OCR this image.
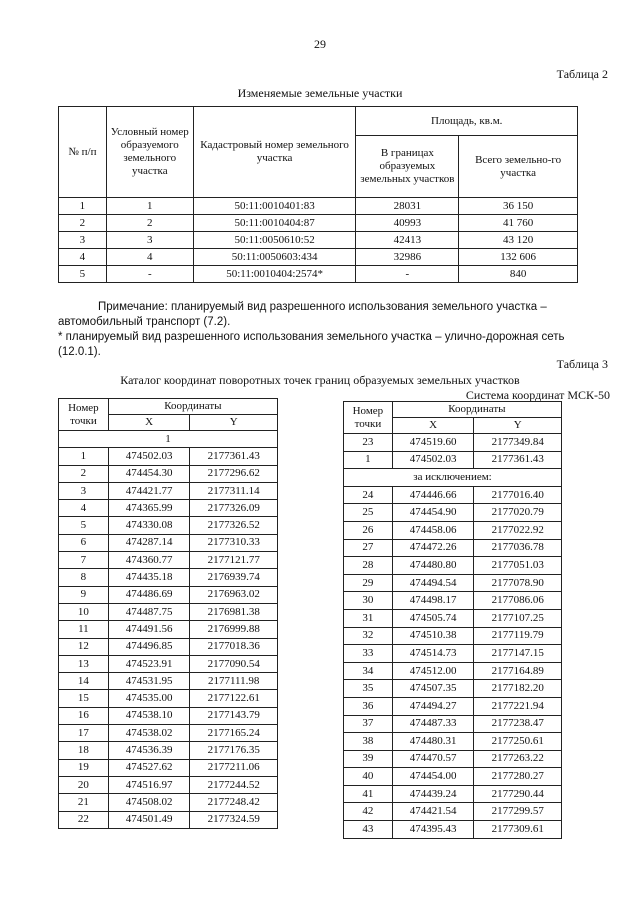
29
Таблица 2
Изменяемые земельные участки
№ п/п	Условный номер образуемого земельного участка	Кадастровый номер земельного участка	Площадь, кв.м.	
			В границах образуемых земельных участков	Всего земельно-го участка
1	1	50:11:0010401:83	28031	36 150
2	2	50:11:0010404:87	40993	41 760
3	3	50:11:0050610:52	42413	43 120
4	4	50:11:0050603:434	32986	132 606
5	-	50:11:0010404:2574*	-	840

Примечание: планируемый вид разрешенного использования земельного участка – автомобильный транспорт (7.2).

* планируемый вид разрешенного использования земельного участка – улично-дорожная сеть (12.0.1).

Таблица 3
Каталог координат поворотных точек границ образуемых земельных участков
Система координат МСК-50
Номер точки	Координаты	
	X	Y
1		
1	474502.03	2177361.43
2	474454.30	2177296.62
3	474421.77	2177311.14
4	474365.99	2177326.09
5	474330.08	2177326.52
6	474287.14	2177310.33
7	474360.77	2177121.77
8	474435.18	2176939.74
9	474486.69	2176963.02
10	474487.75	2176981.38
11	474491.56	2176999.88
12	474496.85	2177018.36
13	474523.91	2177090.54
14	474531.95	2177111.98
15	474535.00	2177122.61
16	474538.10	2177143.79
17	474538.02	2177165.24
18	474536.39	2177176.35
19	474527.62	2177211.06
20	474516.97	2177244.52
21	474508.02	2177248.42
22	474501.49	2177324.59
Номер точки	Координаты	
	X	Y
23	474519.60	2177349.84
1	474502.03	2177361.43
за исключением:		
24	474446.66	2177016.40
25	474454.90	2177020.79
26	474458.06	2177022.92
27	474472.26	2177036.78
28	474480.80	2177051.03
29	474494.54	2177078.90
30	474498.17	2177086.06
31	474505.74	2177107.25
32	474510.38	2177119.79
33	474514.73	2177147.15
34	474512.00	2177164.89
35	474507.35	2177182.20
36	474494.27	2177221.94
37	474487.33	2177238.47
38	474480.31	2177250.61
39	474470.57	2177263.22
40	474454.00	2177280.27
41	474439.24	2177290.44
42	474421.54	2177299.57
43	474395.43	2177309.61
